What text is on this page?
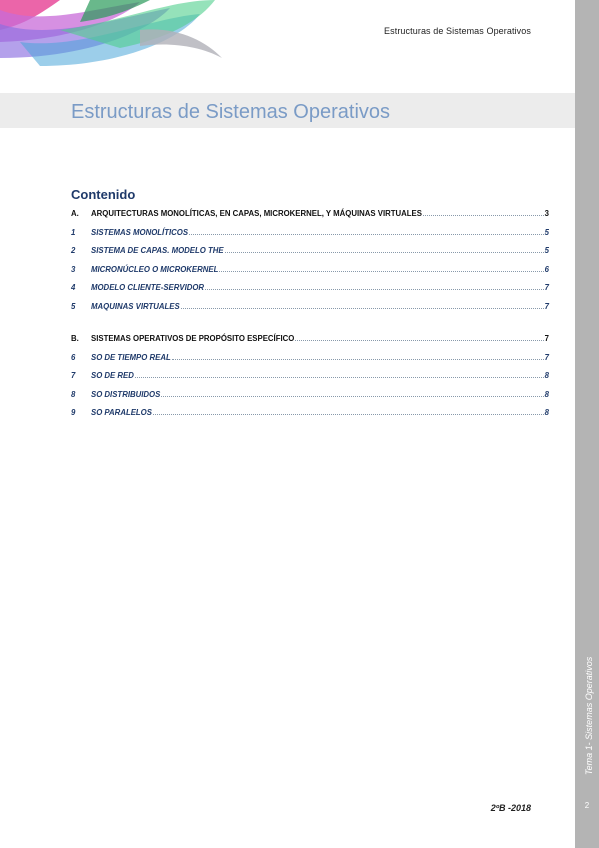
Estructuras de Sistemas Operativos
Estructuras de Sistemas Operativos
Contenido
A.	ARQUITECTURAS MONOLÍTICAS, EN CAPAS, MICROKERNEL, Y MÁQUINAS VIRTUALES	3
1	SISTEMAS MONOLÍTICOS	5
2	SISTEMA DE CAPAS. MODELO THE	5
3	MICRONÚCLEO O MICROKERNEL	6
4	MODELO CLIENTE-SERVIDOR	7
5	MAQUINAS VIRTUALES	7
B.	SISTEMAS OPERATIVOS DE PROPÓSITO ESPECÍFICO	7
6	SO DE TIEMPO REAL	7
7	SO DE RED	8
8	SO DISTRIBUIDOS	8
9	SO PARALELOS	8
2ºB -2018
Tema 1- Sistemas Operativos
2
